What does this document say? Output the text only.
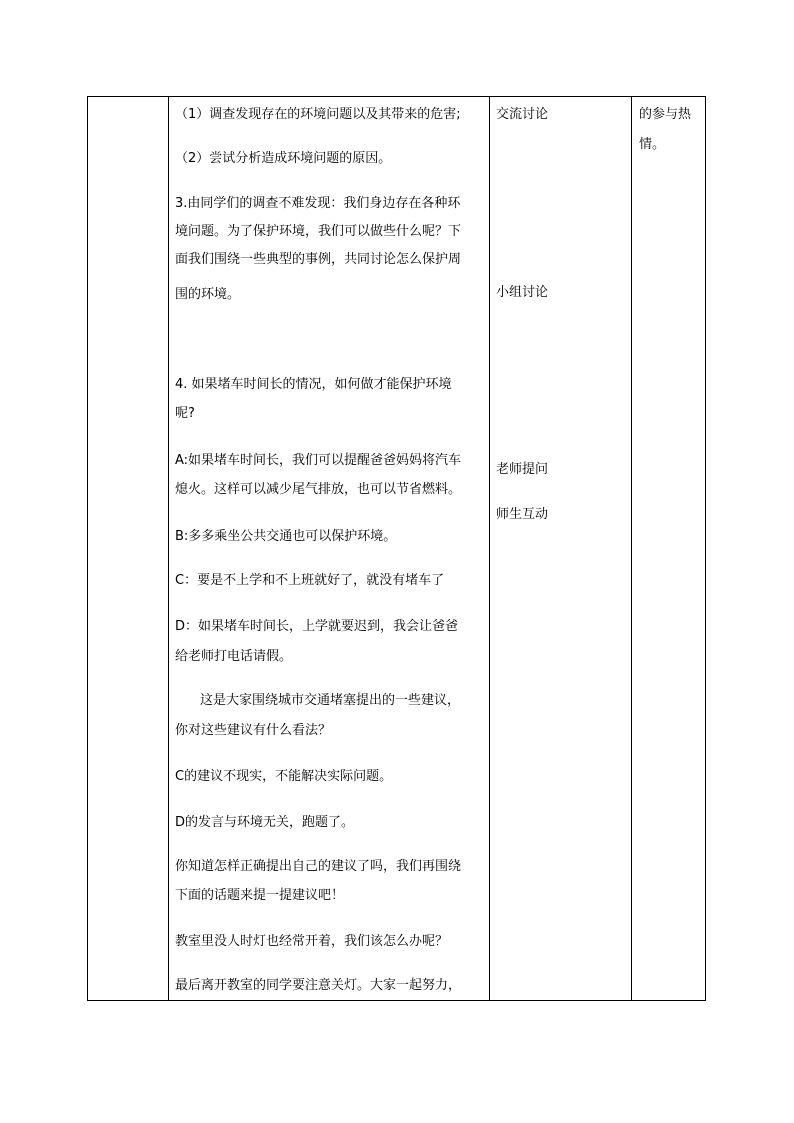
（1）调查发现存在的环境问题以及其带来的危害;
（2）尝试分析造成环境问题的原因。
3.由同学们的调查不难发现：我们身边存在各种环
境问题。为了保护环境，我们可以做些什么呢？下
面我们围绕一些典型的事例，共同讨论怎么保护周
围的环境。
4. 如果堵车时间长的情况，如何做才能保护环境
呢?
A:如果堵车时间长，我们可以提醒爸爸妈妈将汽车
熄火。这样可以减少尾气排放，也可以节省燃料。
B:多多乘坐公共交通也可以保护环境。
C：要是不上学和不上班就好了，就没有堵车了
D：如果堵车时间长，上学就要迟到，我会让爸爸
给老师打电话请假。
这是大家围绕城市交通堵塞提出的一些建议，
你对这些建议有什么看法？
C的建议不现实，不能解决实际问题。
D的发言与环境无关，跑题了。
你知道怎样正确提出自己的建议了吗，我们再围绕
下面的话题来提一提建议吧！
教室里没人时灯也经常开着，我们该怎么办呢？
最后离开教室的同学要注意关灯。大家一起努力，
交流讨论
小组讨论
老师提问
师生互动
的参与热
情。
